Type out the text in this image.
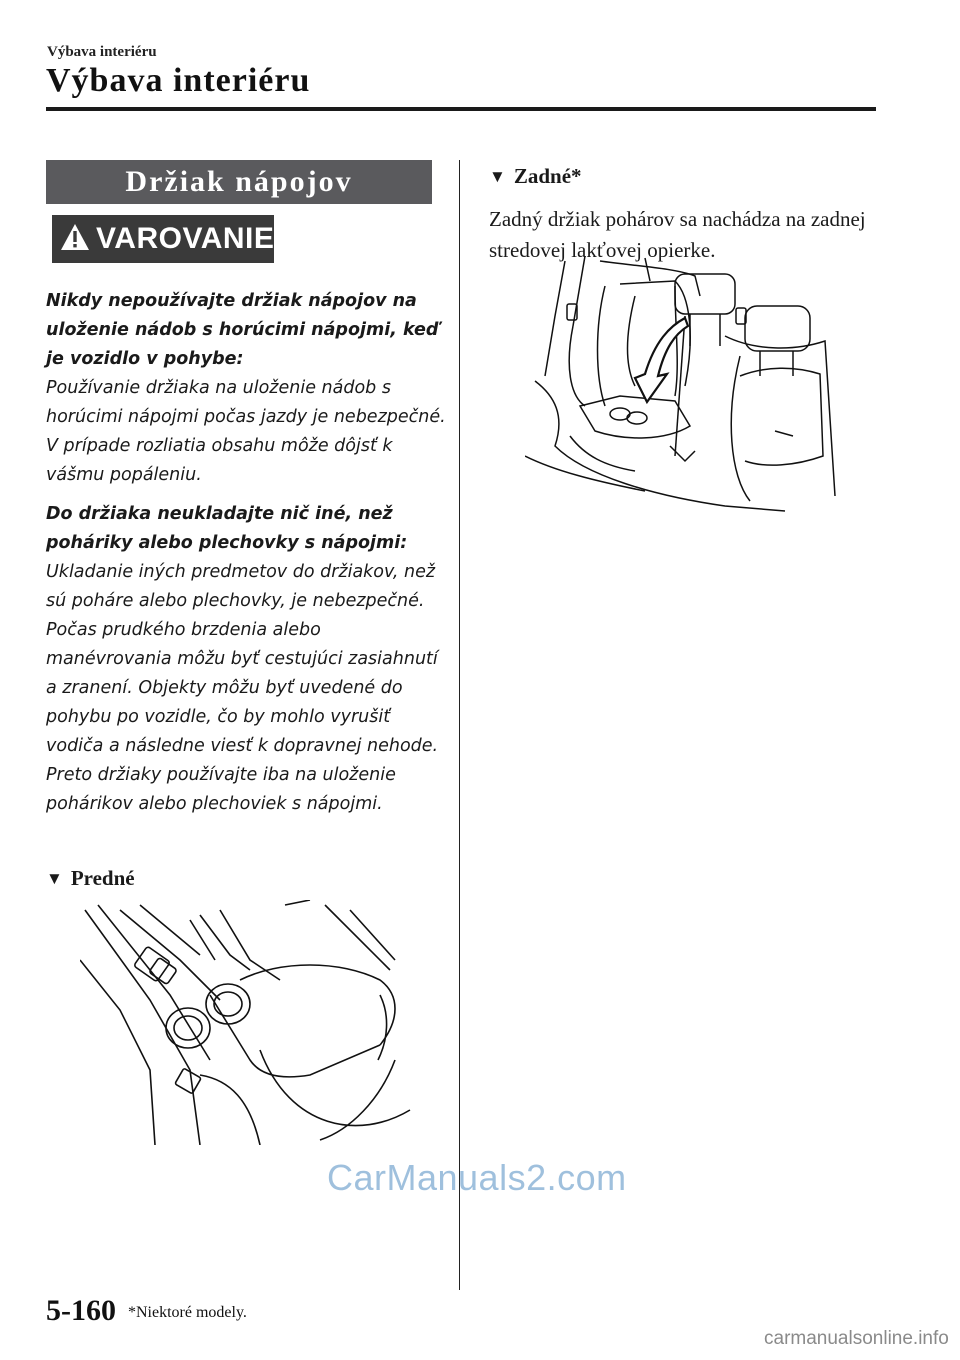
Výbava interiéru
Výbava interiéru
Držiak nápojov
VAROVANIE

Nikdy nepoužívajte držiak nápojov na uloženie nádob s horúcimi nápojmi, keď je vozidlo v pohybe:

Používanie držiaka na uloženie nádob s horúcimi nápojmi počas jazdy je nebezpečné. V prípade rozliatia obsahu môže dôjsť k vášmu popáleniu.

Do držiaka neukladajte nič iné, než poháriky alebo plechovky s nápojmi:

Ukladanie iných predmetov do držiakov, než sú poháre alebo plechovky, je nebezpečné.

Počas prudkého brzdenia alebo manévrovania môžu byť cestujúci zasiahnutí a zranení. Objekty môžu byť uvedené do pohybu po vozidle, čo by mohlo vyrušiť vodiča a následne viesť k dopravnej nehode. Preto držiaky používajte iba na uloženie pohárikov alebo plechoviek s nápojmi.

▼ Predné
▼ Zadné*

Zadný držiak pohárov sa nachádza na zadnej stredovej lakťovej opierke.

CarManuals2.com
5-160 *Niektoré modely.
carmanualsonline.info
